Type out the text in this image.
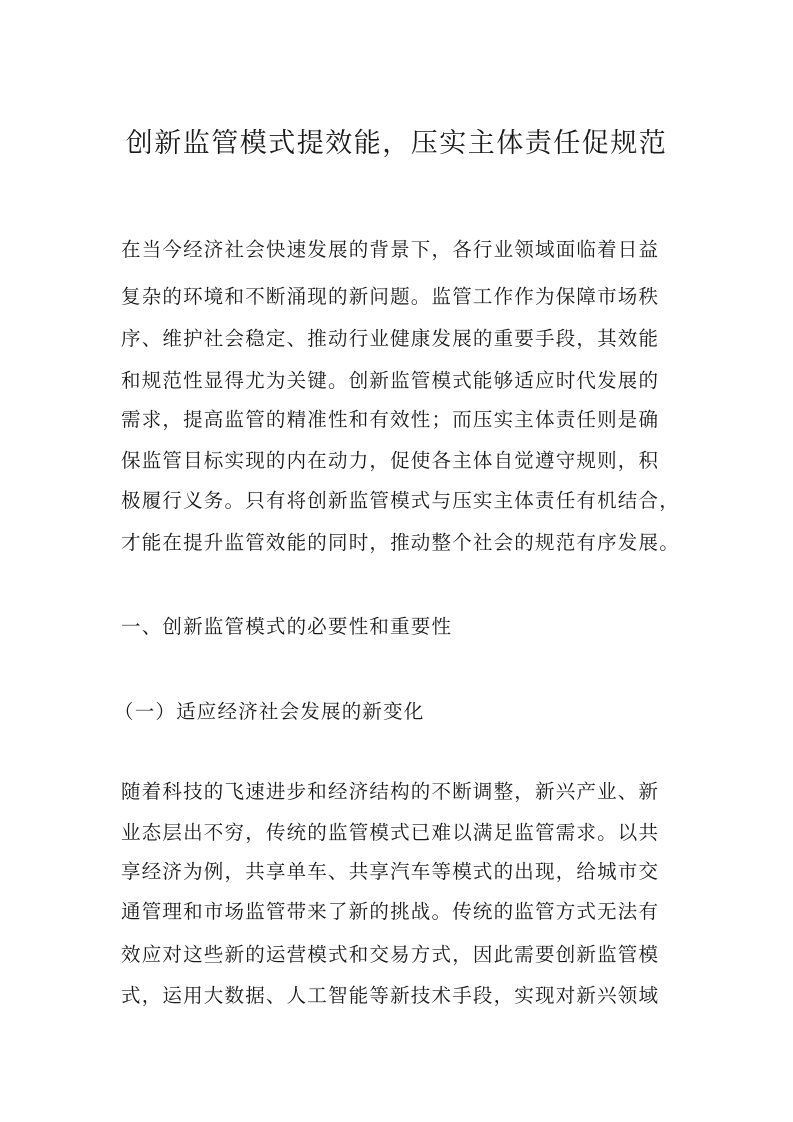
创新监管模式提效能，压实主体责任促规范
在当今经济社会快速发展的背景下，各行业领域面临着日益
复杂的环境和不断涌现的新问题。监管工作作为保障市场秩
序、维护社会稳定、推动行业健康发展的重要手段，其效能
和规范性显得尤为关键。创新监管模式能够适应时代发展的
需求，提高监管的精准性和有效性；而压实主体责任则是确
保监管目标实现的内在动力，促使各主体自觉遵守规则，积
极履行义务。只有将创新监管模式与压实主体责任有机结合，
才能在提升监管效能的同时，推动整个社会的规范有序发展。
一、创新监管模式的必要性和重要性
（一）适应经济社会发展的新变化
随着科技的飞速进步和经济结构的不断调整，新兴产业、新
业态层出不穷，传统的监管模式已难以满足监管需求。以共
享经济为例，共享单车、共享汽车等模式的出现，给城市交
通管理和市场监管带来了新的挑战。传统的监管方式无法有
效应对这些新的运营模式和交易方式，因此需要创新监管模
式，运用大数据、人工智能等新技术手段，实现对新兴领域
